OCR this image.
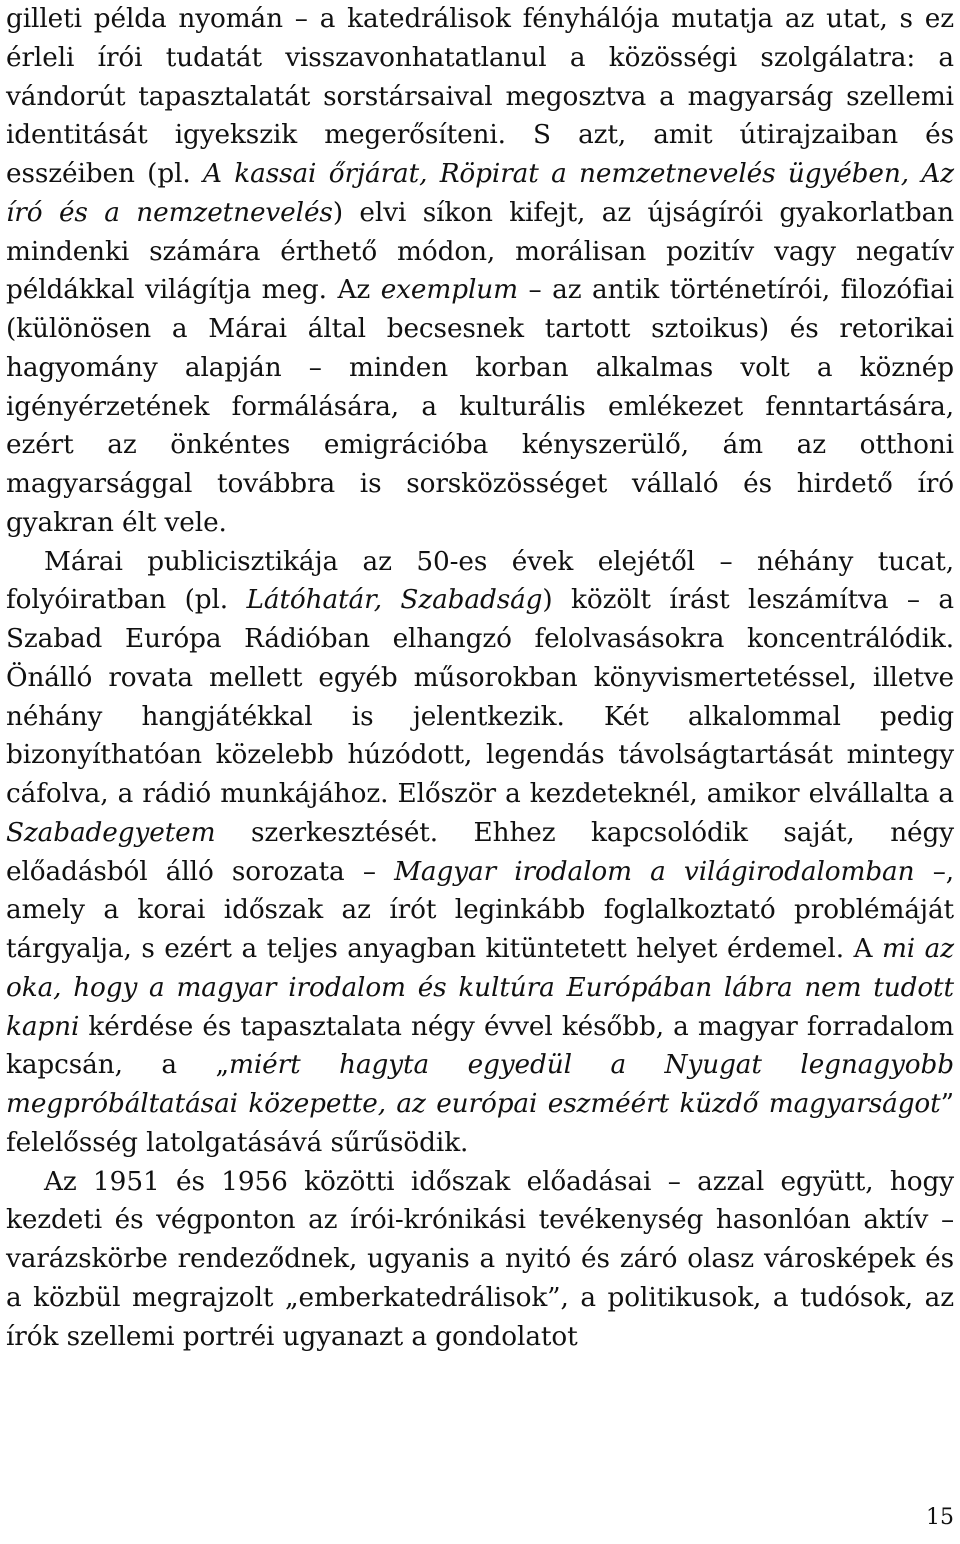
gilleti példa nyomán – a katedrálisok fényhálója mutatja az utat, s ez érleli írói tudatát visszavonhatatlanul a közösségi szolgálatra: a vándorút tapasztalatát sorstársaival megosztva a magyarság szellemi identitását igyekszik megerősíteni. S azt, amit útirajzaiban és esszéiben (pl. A kassai őrjárat, Röpirat a nemzetnevelés ügyében, Az író és a nemzetnevelés) elvi síkon kifejt, az újságírói gyakorlatban mindenki számára érthető módon, morálisan pozitív vagy negatív példákkal világítja meg. Az exemplum – az antik történetírói, filozófiai (különösen a Márai által becsesnek tartott sztoikus) és retorikai hagyomány alapján – minden korban alkalmas volt a köznép igényérzetének formálására, a kulturális emlékezet fenntartására, ezért az önkéntes emigrációba kényszerülő, ám az otthoni magyarsággal továbbra is sorsközösséget vállaló és hirdető író gyakran élt vele.

Márai publicisztikája az 50-es évek elejétől – néhány tucat, folyóiratban (pl. Látóhatár, Szabadság) közölt írást leszámítva – a Szabad Európa Rádióban elhangzó felolvasásokra koncentrálódik. Önálló rovata mellett egyéb műsorokban könyvismertetéssel, illetve néhány hangjátékkal is jelentkezik. Két alkalommal pedig bizonyíthatóan közelebb húzódott, legendás távolságtartását mintegy cáfolva, a rádió munkájához. Először a kezdeteknél, amikor elvállalta a Szabadegyetem szerkesztését. Ehhez kapcsolódik saját, négy előadásból álló sorozata – Magyar irodalom a világirodalomban –, amely a korai időszak az írót leginkább foglalkoztató problémáját tárgyalja, s ezért a teljes anyagban kitüntetett helyet érdemel. A mi az oka, hogy a magyar irodalom és kultúra Európában lábra nem tudott kapni kérdése és tapasztalata négy évvel később, a magyar forradalom kapcsán, a „miért hagyta egyedül a Nyugat legnagyobb megpróbáltatásai közepette, az európai eszméért küzdő magyarságot” felelősség latolgatásává sűrűsödik.

Az 1951 és 1956 közötti időszak előadásai – azzal együtt, hogy kezdeti és végponton az írói-krónikási tevékenység hasonlóan aktív – varázskörbe rendeződnek, ugyanis a nyitó és záró olasz városképek és a közbül megrajzolt „emberkatedrálisok”, a politikusok, a tudósok, az írók szellemi portréi ugyanazt a gondolatot

15
